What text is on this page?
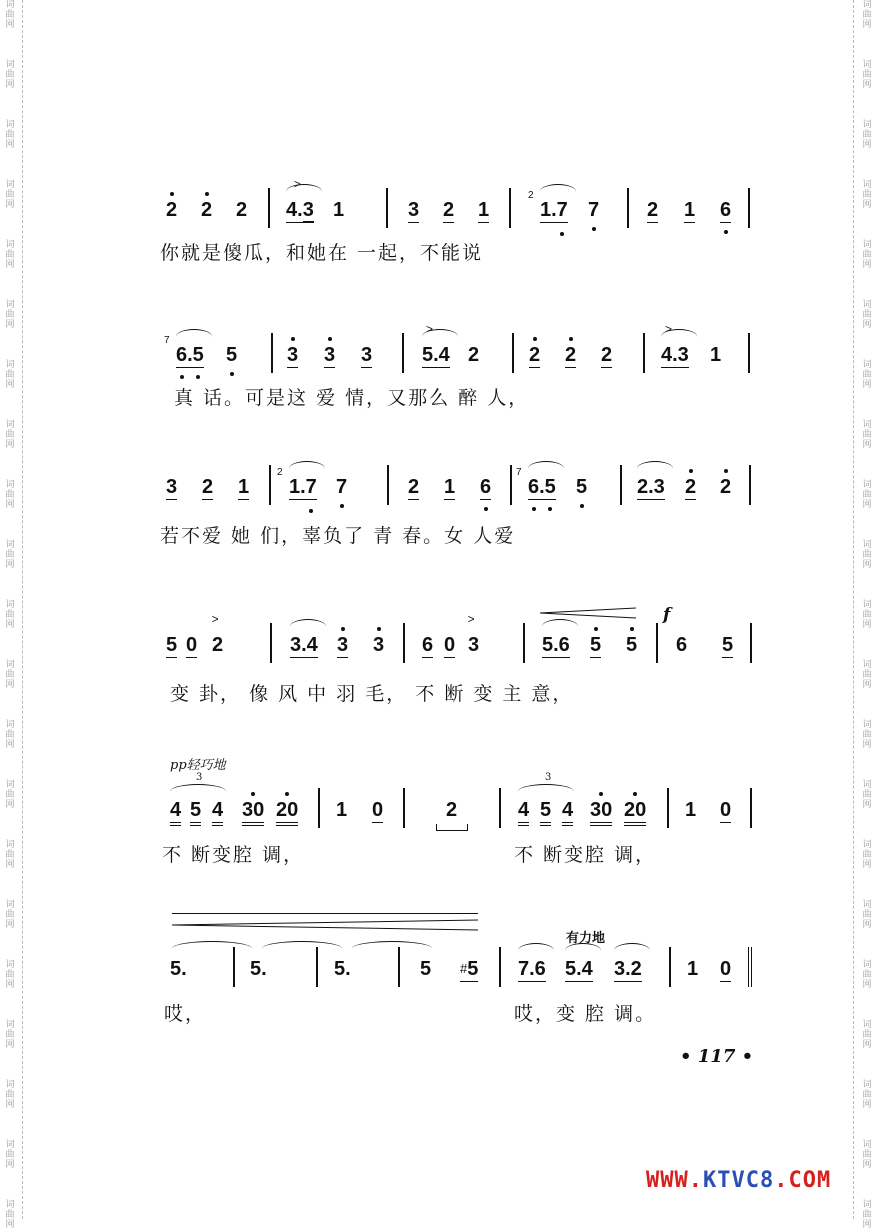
词曲网
词曲网
词曲网
词曲网
词曲网
词曲网
词曲网
词曲网
词曲网
词曲网
词曲网
词曲网
词曲网
词曲网
词曲网
词曲网
词曲网
词曲网
词曲网
词曲网
词曲网
词曲网
词曲网
词曲网
词曲网
词曲网
词曲网
词曲网
词曲网
词曲网
词曲网
词曲网
词曲网
词曲网
词曲网
词曲网
词曲网
词曲网
词曲网
词曲网
词曲网
词曲网
2 2 2
>
4.3 1	3 2 1
2
1.7 7 2 1 6
你就是傻瓜，和她在 一起，不能说
7
6.5 5 3 3 3
>
5.4 2 2 2 2
>
4.3 1
真 话。可是这 爱 情，又那么 醉 人，
3 2 1
2
1.7 7	2 1 6
7
6.5 5 2.3 2 2
若不爱 她 们，辜负了 青 春。女 人爱
5 0
>
2	3.4 3 3 6 0
>
3	5.6 5 5
f
6 5
变 卦， 像 风 中 羽 毛， 不 断 变 主 意，
pp轻巧地
3
4 5 4 30 20 1 0	2
3
4 5 4 30 20 1 0
不 断变腔 调，	不 断变腔 调，
5.	5.	5.	5 #5
有力地
7.6 5.4 3.2 1 0
哎，	哎，变 腔 调。
• 117 •
WWW.KTVC8.COM
